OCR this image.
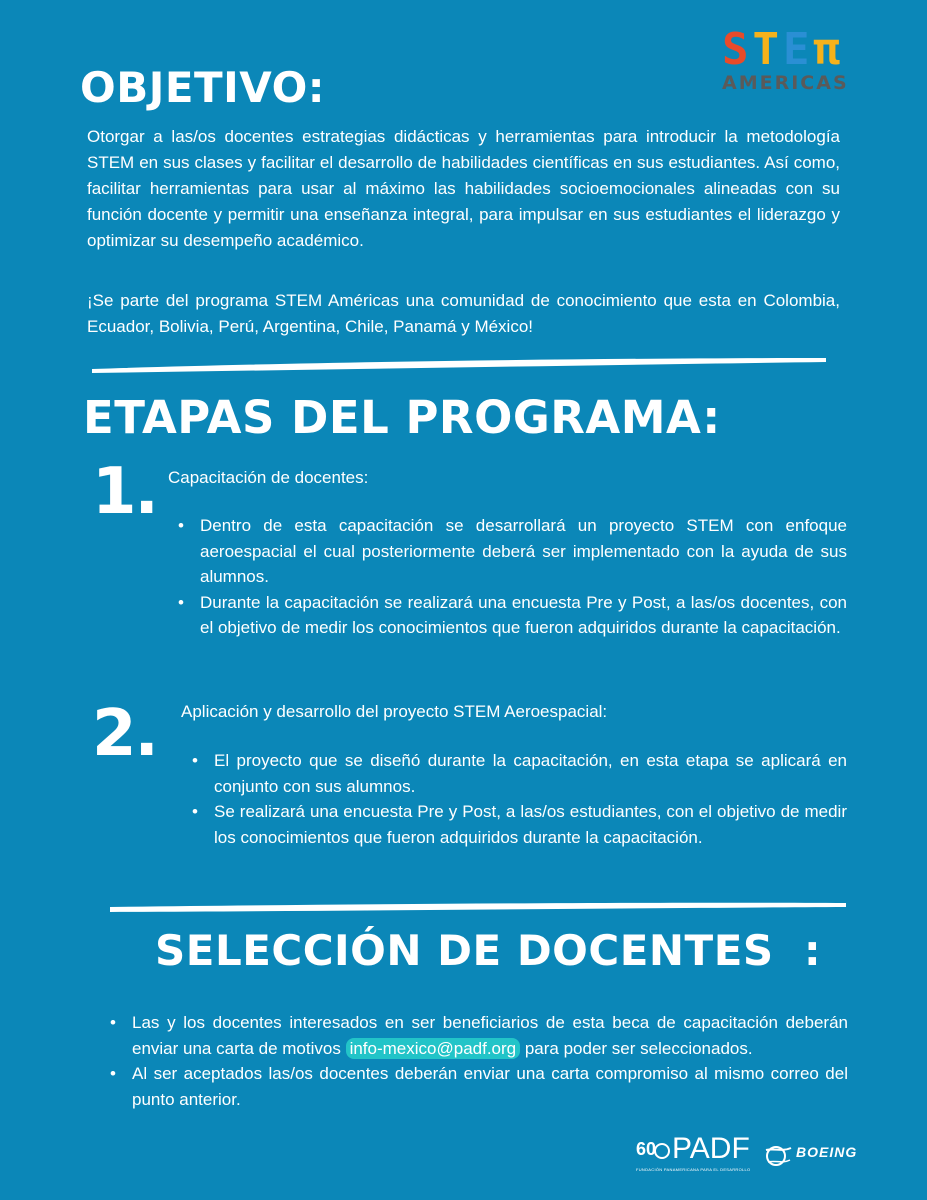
STEπ
AMERICAS
OBJETIVO:

Otorgar a las/os docentes estrategias didácticas y herramientas para introducir la metodología STEM en sus clases y facilitar el desarrollo de habilidades científicas en sus estudiantes. Así como, facilitar herramientas para usar al máximo las habilidades socioemocionales alineadas con su función docente y permitir una enseñanza integral, para impulsar en sus estudiantes el liderazgo y optimizar su desempeño académico.

¡Se parte del programa STEM Américas una comunidad de conocimiento que esta en Colombia, Ecuador, Bolivia, Perú, Argentina, Chile, Panamá y México!

ETAPAS DEL PROGRAMA:
1. Capacitación de docentes:
• Dentro de esta capacitación se desarrollará un proyecto STEM con enfoque aeroespacial el cual posteriormente deberá ser implementado con la ayuda de sus alumnos.
• Durante la capacitación se realizará una encuesta Pre y Post, a las/os docentes, con el objetivo de medir los conocimientos que fueron adquiridos durante la capacitación.
2. Aplicación y desarrollo del proyecto STEM Aeroespacial:
• El proyecto que se diseñó durante la capacitación, en esta etapa se aplicará en conjunto con sus alumnos.
• Se realizará una encuesta Pre y Post, a las/os estudiantes, con el objetivo de medir los conocimientos que fueron adquiridos durante la capacitación.
SELECCIÓN DE DOCENTES  :
• Las y los docentes interesados en ser beneficiarios de esta beca de capacitación deberán enviar una carta de motivos info-mexico@padf.org para poder ser seleccionados.
• Al ser aceptados las/os docentes deberán enviar una carta compromiso al mismo correo del punto anterior.
60 PADF
FUNDACIÓN PANAMERICANA PARA EL DESARROLLO
BOEING
